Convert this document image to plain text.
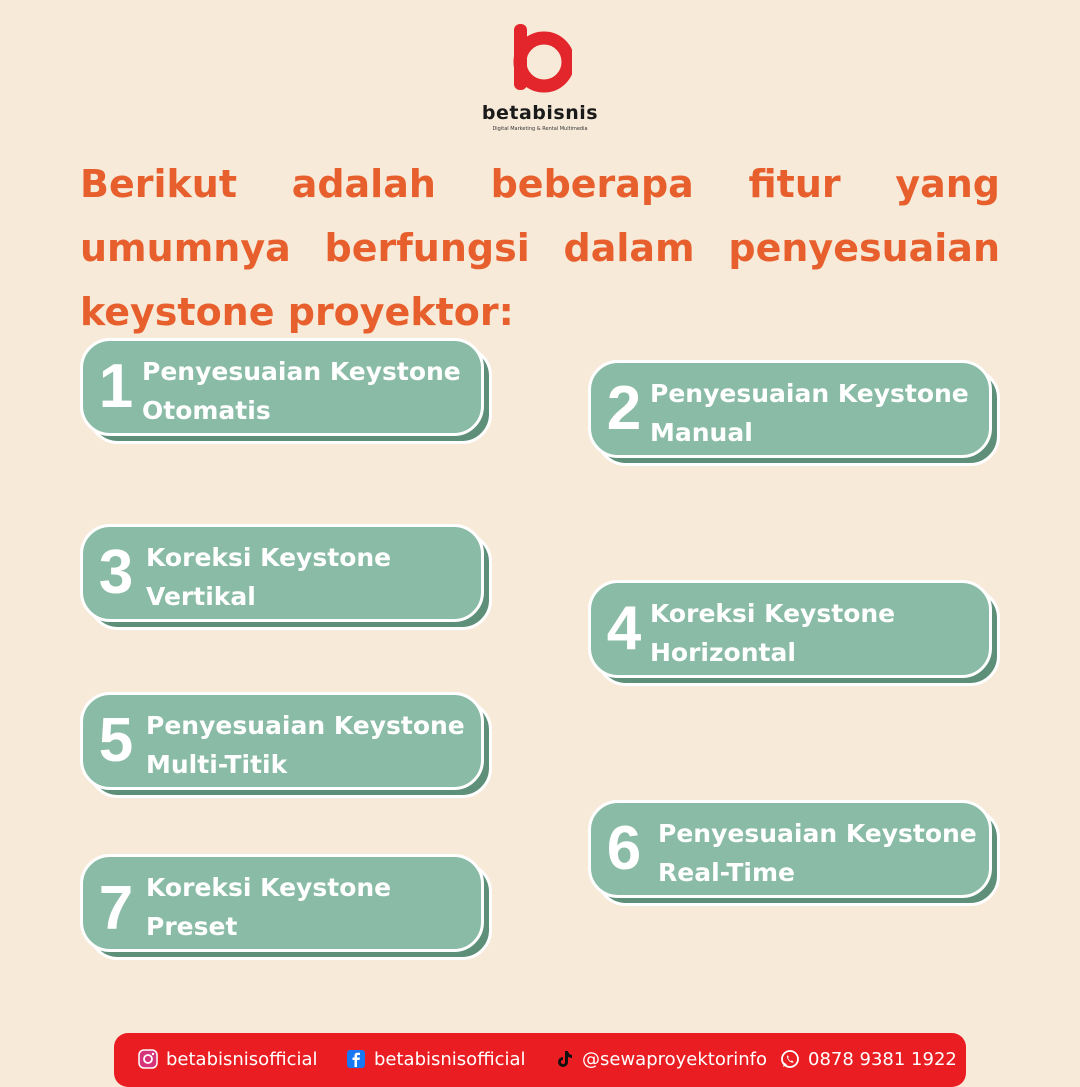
betabisnis
Digital Marketing & Rental Multimedia

Berikut adalah beberapa fitur yang umumnya berfungsi dalam penyesuaian keystone proyektor:

1 Penyesuaian Keystone
Otomatis	2 Penyesuaian Keystone
Manual
3 Koreksi Keystone
Vertikal	4 Koreksi Keystone
Horizontal
5 Penyesuaian Keystone
Multi-Titik
6 Penyesuaian Keystone
Real-Time
7 Koreksi Keystone
Preset
betabisnisofficial	betabisnisofficial	@sewaproyektorinfo 0878 9381 1922
